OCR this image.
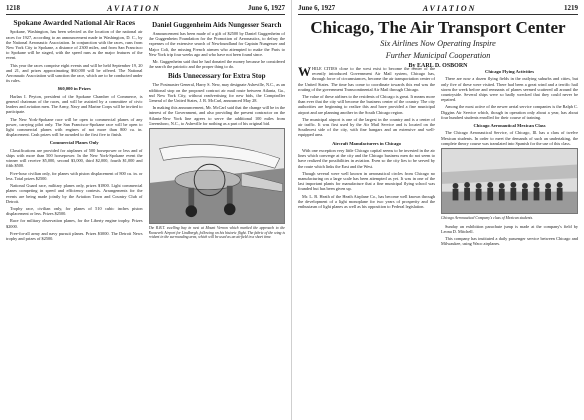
1218	AVIATION	June 6, 1927
Spokane Awarded National Air Races

Spokane, Washington, has been selected as the location of the national air races for 1927, according to an announcement made in Washington, D. C., by the National Aeronautic Association. In conjunction with the races, runs from New York City to Spokane, a distance of 2300 miles, and from San Francisco to Spokane will be staged, with the speed runs as the major features of the event.

This year the races comprise eight events and will be held September 19, 20 and 21, and prizes approximating $60,000 will be offered. The National Aeronautic Association will sanction the race, which are to be conducted under its rules.

$60,000 in Prizes

Harlan I. Peyton, president of the Spokane Chamber of Commerce, is general chairman of the races, and will be assisted by a committee of civic leaders and aviation men. The Army, Navy and Marine Corps will be invited to participate.

The New York-Spokane race will be open to commercial planes of any power, carrying pilot only. The San Francisco-Spokane race will be open to light commercial planes with engines of not more than 800 cu. in. displacement. Cash prizes will be awarded to the first five to finish.

Commercial Planes Only

Classifications are provided for airplanes of 500 horsepower or less and of ships with more than 500 horsepower. In the New York-Spokane event the winner will receive $5,000, second $3,000, third $2,000, fourth $1,000 and fifth $500.

Five-hour civilian only, for planes with piston displacement of 800 cu. in. or less. Total prizes $2500.

National Guard race, military planes only, prizes $1800. Light commercial planes competing in speed and efficiency contests. Arrangements for the events are being made jointly by the Aviation Town and Country Club of Detroit.

Trophy race, civilian only, for planes of 510 cubic inches piston displacement or less. Prizes $2500.

Race for military observation planes, for the Liberty engine trophy. Prizes $2000.

Free-for-all army and navy pursuit planes. Prizes $3000. The Detroit News trophy and prizes of $2500.

Daniel Guggenheim Aids Nungesser Search

Announcement has been made of a gift of $2500 by Daniel Guggenheim of the Guggenheim Foundation for the Promotion of Aeronautics, to defray the expenses of the extensive search of Newfoundland for Captain Nungesser and Major Coli, the missing French airmen who attempted to make the Paris to New York trip four weeks ago and who have not been found since.

Mr. Guggenheim said that he had donated the money because he considered the search the patriotic and the proper thing to do.

Bids Unnecessary for Extra Stop

The Postmaster General, Harry S. New, may designate Asheville, N.C., as an additional stop on the proposed contract air mail route between Atlanta, Ga., and New York City, without readvertising for new bids, the Comptroller General of the United States, J. R. McCarl, announced May 28.

In making this announcement, Mr. McCarl said that the change will be in the interest of the Government, and also providing the present contractor on the Atlanta-New York line agrees to serve the additional 100 miles from Greensboro, N.C., to Asheville for nothing as a part of his original bid.

The R.B.T. swelling bay in nest at Mount Vernon which marked the approach to the Roosevelt Airport for Lindbergh, following on his historic flight. The fabric of the wing is evident in the surrounding area, which will be used as an airfield in a short time.
June 6, 1927	AVIATION	1219
Chicago, The Air Transport Center
Six Airlines Now Operating Inspire
Further Municipal Cooperation
By EARL D. OSBORN

WHILE CITIES close to the west exist to become the center of the recently introduced Government Air Mail system, Chicago has, through force of circumstances, become the air transportation center of the United States. The time has come to coordinate towards this end was the routing of the government Transcontinental Air Mail through Chicago.

The value of these airlines to the residents of Chicago is great. It means more than ever that the city will become the business center of the country. The city authorities are beginning to realize this and have provided a fine municipal airport and are planning another in the South Chicago region.

The municipal airport is one of the largest in the country and is a center of air traffic. It was first used by the Air Mail Service and is located on the Southwest side of the city, with fine hangars and an extensive and well-equipped area.

Aircraft Manufacturers in Chicago

With one exception very little Chicago capital seems to be invested in the air lines which converge at the city and the Chicago business men do not seem to have realized the possibilities in aviation. Even so the city lies to be served by the route which links the East and the West.

Though several were well known in aeronautical circles from Chicago no manufacturing on a large scale has been attempted as yet. It was in one of the last important plants for manufacture that a fine municipal flying school was founded but has been given up.

Mr. L. B. Heath of the Heath Airplane Co., has become well known through the development of a light monoplane for two years of prosperity and the enthusiasm of light planes as well as his opposition to Federal legislation.

Chicago Flying Activities

There are now a dozen flying fields in the outlying suburbs and cities, but only five of these were visited. There had been a great wind and a terrific hail storm the week before and remnants of planes seemed scattered all around the countryside. Several ships were so badly wrecked that they could never be repaired.

Among the most active of the newer aerial service companies is the Ralph C. Diggins Air Service which, though in operation only about a year, has about four hundred students enrolled for their course of training.

Chicago Aeronautical Mexican Class

The Chicago Aeronautical Service, of Chicago, Ill. has a class of twelve Mexican students. In order to meet the demands of such an undertaking, the complete theory course was translated into Spanish for the use of this class.

Chicago Aeronautical Company's class of Mexican students.

Sunday an exhibition parachute jump is made at the company's field by Leona D. Mitchell.

This company has instituted a daily passenger service between Chicago and Milwaukee, using Waco airplanes.
